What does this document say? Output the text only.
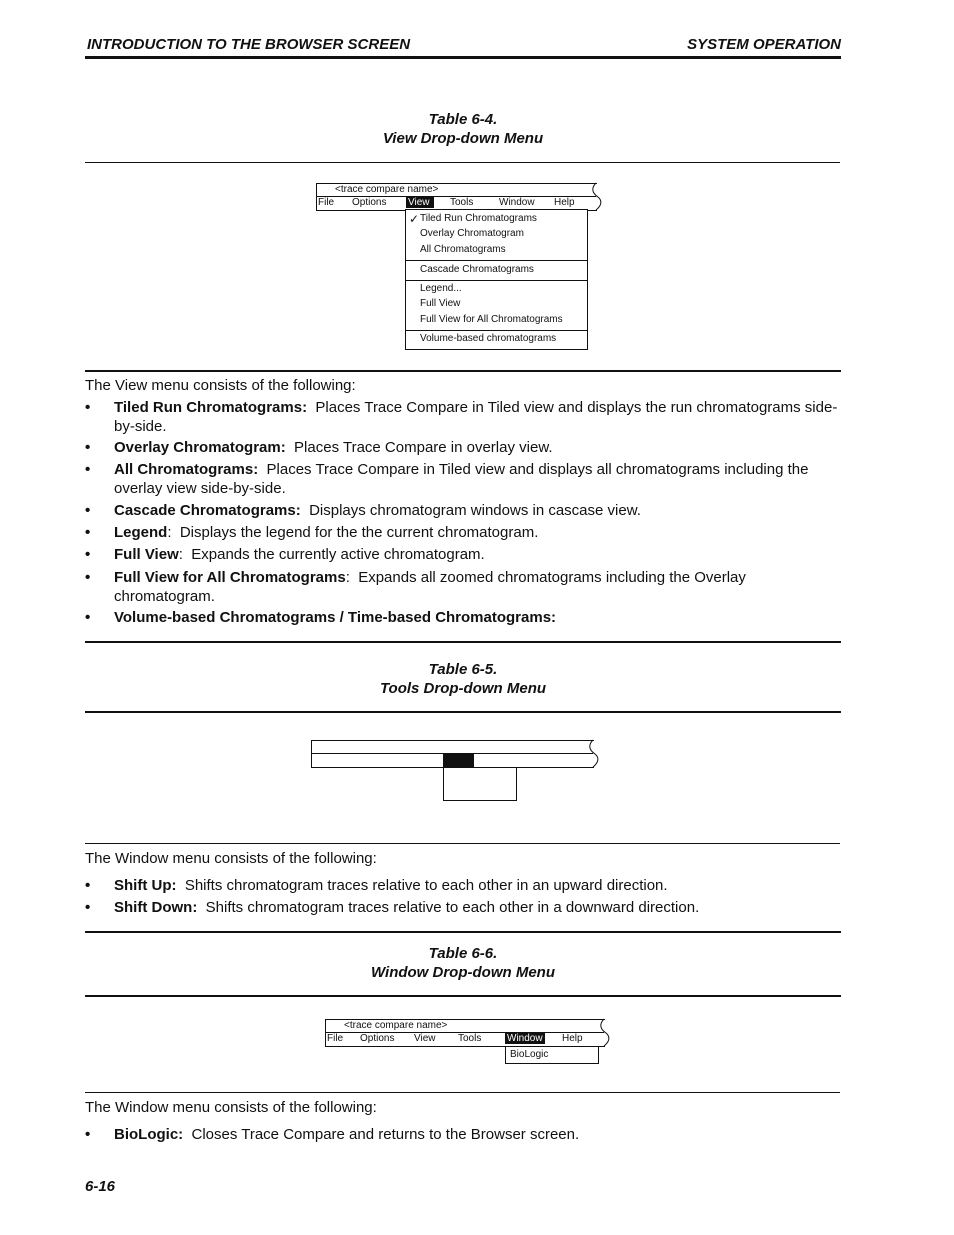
INTRODUCTION TO THE BROWSER SCREEN	SYSTEM OPERATION
Table 6-4.
View Drop-down Menu
<trace compare name>
File Options View	Tools	Window Help
✓ Tiled Run Chromatograms
Overlay Chromatogram
All Chromatograms
Cascade Chromatograms
Legend...
Full View
Full View for All Chromatograms
Volume-based chromatograms
The View menu consists of the following:
• Tiled Run Chromatograms:  Places Trace Compare in Tiled view and displays the run chromatograms side-by-side.
• Overlay Chromatogram:  Places Trace Compare in overlay view.
• All Chromatograms:  Places Trace Compare in Tiled view and displays all chromatograms including the overlay view side-by-side.
• Cascade Chromatograms:  Displays chromatogram windows in cascase view.
• Legend:  Displays the legend for the the current chromatogram.
• Full View:  Expands the currently active chromatogram.
• Full View for All Chromatograms:  Expands all zoomed chromatograms including the Overlay chromatogram.
• Volume-based Chromatograms / Time-based Chromatograms:
Table 6-5.
Tools Drop-down Menu
The Window menu consists of the following:
• Shift Up:  Shifts chromatogram traces relative to each other in an upward direction.
• Shift Down:  Shifts chromatogram traces relative to each other in a downward direction.
Table 6-6.
Window Drop-down Menu
<trace compare name>
File Options View Tools	Window Help
BioLogic
The Window menu consists of the following:
• BioLogic:  Closes Trace Compare and returns to the Browser screen.
6-16
